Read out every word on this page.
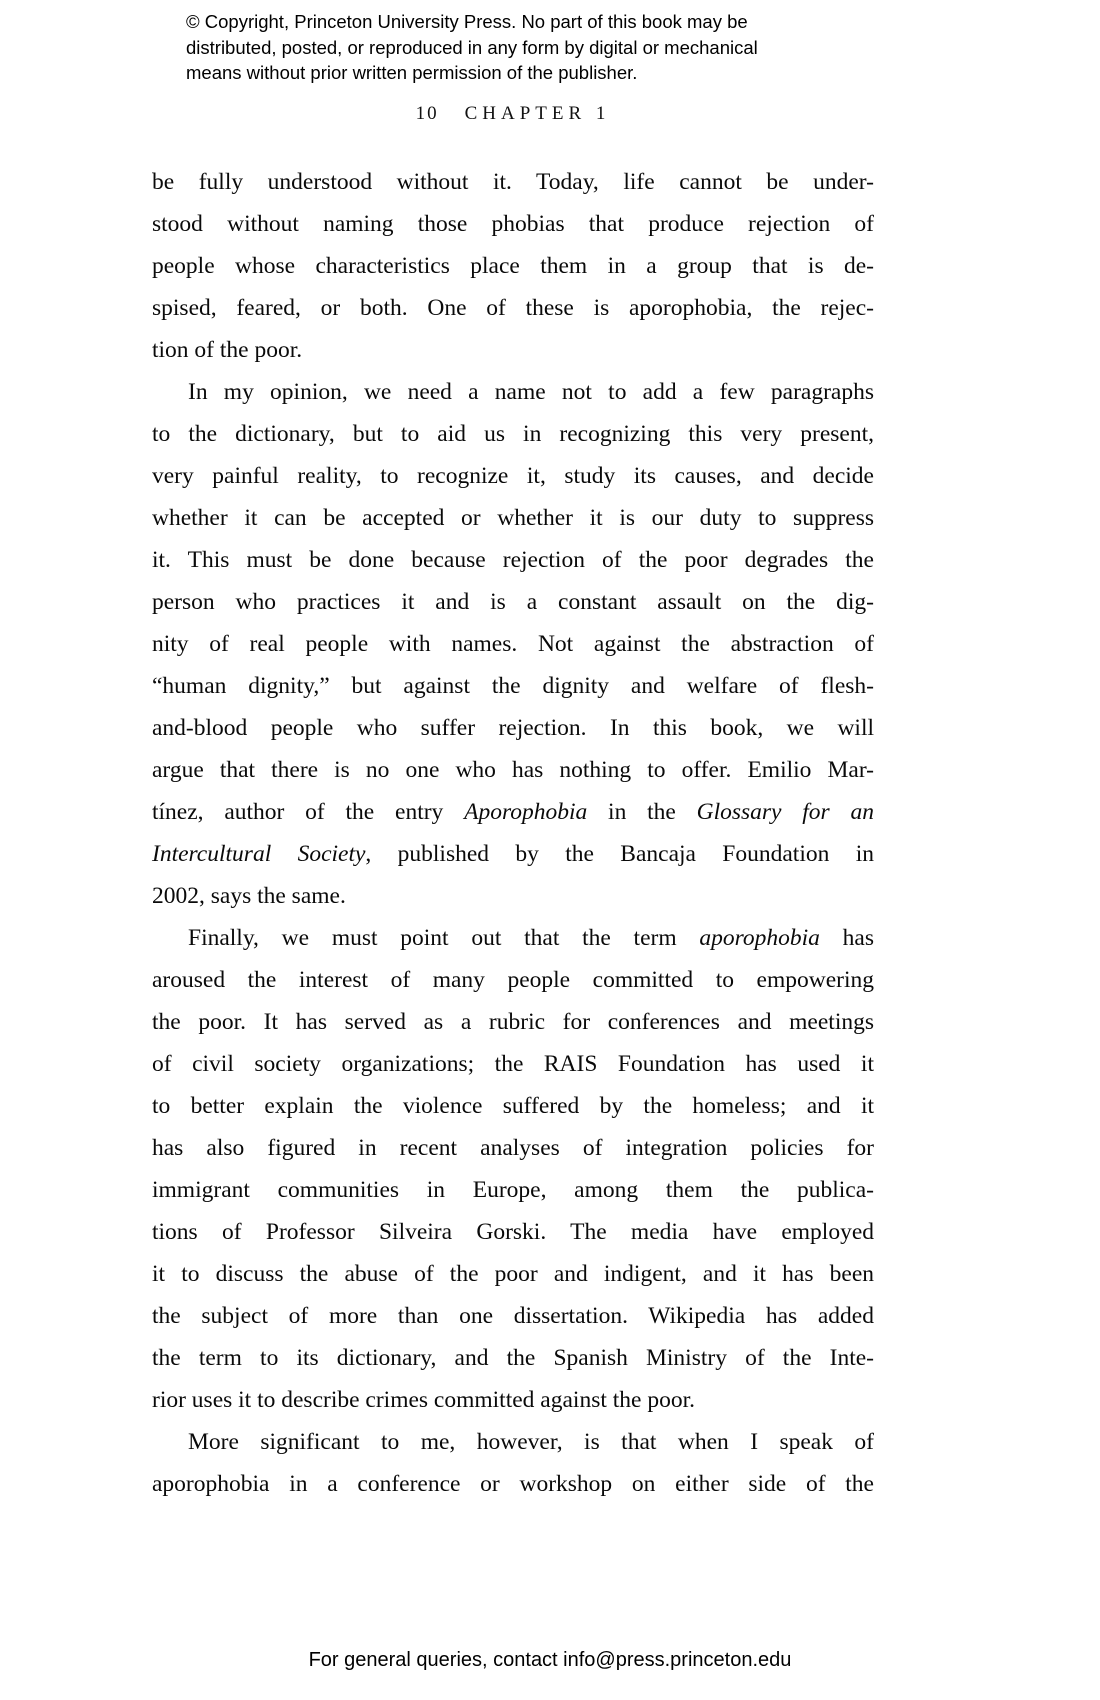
© Copyright, Princeton University Press. No part of this book may be
distributed, posted, or reproduced in any form by digital or mechanical
means without prior written permission of the publisher.
10 CHAPTER 1

be fully understood without it. Today, life cannot be under-
stood without naming those phobias that produce rejection of
people whose characteristics place them in a group that is de-
spised, feared, or both. One of these is aporophobia, the rejec-
tion of the poor.

In my opinion, we need a name not to add a few paragraphs
to the dictionary, but to aid us in recognizing this very present,
very painful reality, to recognize it, study its causes, and decide
whether it can be accepted or whether it is our duty to suppress
it. This must be done because rejection of the poor degrades the
person who practices it and is a constant assault on the dig-
nity of real people with names. Not against the abstraction of
“human dignity,” but against the dignity and welfare of flesh-
and-blood people who suffer rejection. In this book, we will
argue that there is no one who has nothing to offer. Emilio Mar-
tínez, author of the entry Aporophobia in the Glossary for an
Intercultural Society, published by the Bancaja Foundation in
2002, says the same.

Finally, we must point out that the term aporophobia has
aroused the interest of many people committed to empowering
the poor. It has served as a rubric for conferences and meetings
of civil society organizations; the RAIS Foundation has used it
to better explain the violence suffered by the homeless; and it
has also figured in recent analyses of integration policies for
immigrant communities in Europe, among them the publica-
tions of Professor Silveira Gorski. The media have employed
it to discuss the abuse of the poor and indigent, and it has been
the subject of more than one dissertation. Wikipedia has added
the term to its dictionary, and the Spanish Ministry of the Inte-
rior uses it to describe crimes committed against the poor.

More significant to me, however, is that when I speak of
aporophobia in a conference or workshop on either side of the

For general queries, contact info@press.princeton.edu
